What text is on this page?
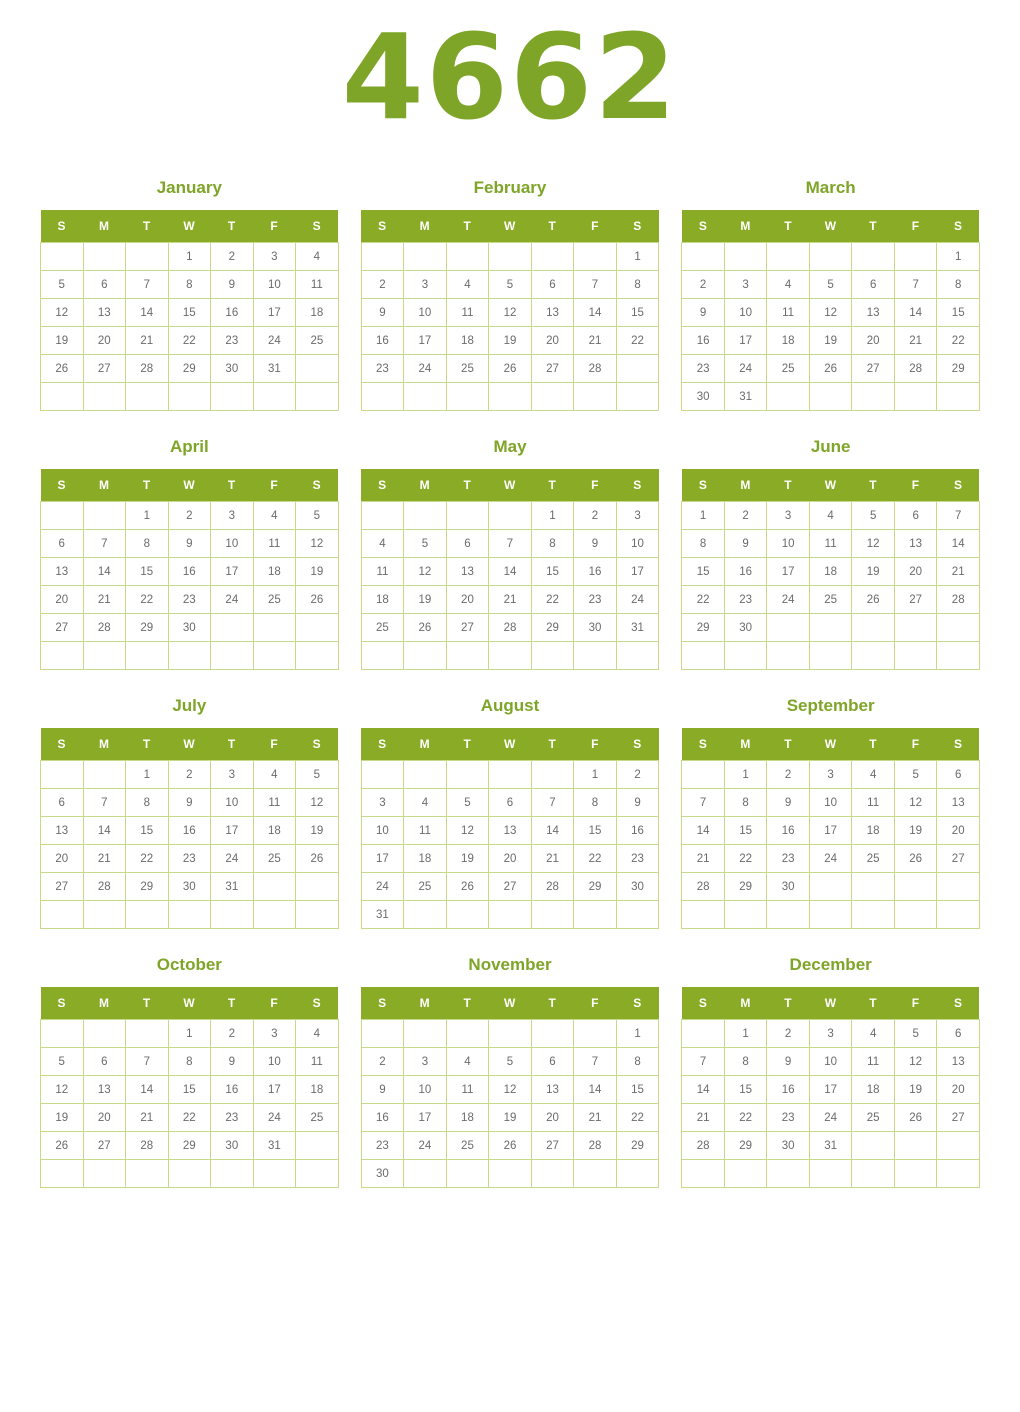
4662
January
S	M	T	W	T	F	S
			1	2	3	4
5	6	7	8	9	10	11
12	13	14	15	16	17	18
19	20	21	22	23	24	25
26	27	28	29	30	31	

February
S	M	T	W	T	F	S
						1
2	3	4	5	6	7	8
9	10	11	12	13	14	15
16	17	18	19	20	21	22
23	24	25	26	27	28	

March
S	M	T	W	T	F	S
						1
2	3	4	5	6	7	8
9	10	11	12	13	14	15
16	17	18	19	20	21	22
23	24	25	26	27	28	29
30	31					
April
S	M	T	W	T	F	S
		1	2	3	4	5
6	7	8	9	10	11	12
13	14	15	16	17	18	19
20	21	22	23	24	25	26
27	28	29	30			

May
S	M	T	W	T	F	S
				1	2	3
4	5	6	7	8	9	10
11	12	13	14	15	16	17
18	19	20	21	22	23	24
25	26	27	28	29	30	31

June
S	M	T	W	T	F	S
1	2	3	4	5	6	7
8	9	10	11	12	13	14
15	16	17	18	19	20	21
22	23	24	25	26	27	28
29	30					

July
S	M	T	W	T	F	S
		1	2	3	4	5
6	7	8	9	10	11	12
13	14	15	16	17	18	19
20	21	22	23	24	25	26
27	28	29	30	31		

August
S	M	T	W	T	F	S
					1	2
3	4	5	6	7	8	9
10	11	12	13	14	15	16
17	18	19	20	21	22	23
24	25	26	27	28	29	30
31						
September
S	M	T	W	T	F	S
	1	2	3	4	5	6
7	8	9	10	11	12	13
14	15	16	17	18	19	20
21	22	23	24	25	26	27
28	29	30				

October
S	M	T	W	T	F	S
			1	2	3	4
5	6	7	8	9	10	11
12	13	14	15	16	17	18
19	20	21	22	23	24	25
26	27	28	29	30	31	

November
S	M	T	W	T	F	S
						1
2	3	4	5	6	7	8
9	10	11	12	13	14	15
16	17	18	19	20	21	22
23	24	25	26	27	28	29
30						
December
S	M	T	W	T	F	S
	1	2	3	4	5	6
7	8	9	10	11	12	13
14	15	16	17	18	19	20
21	22	23	24	25	26	27
28	29	30	31			
